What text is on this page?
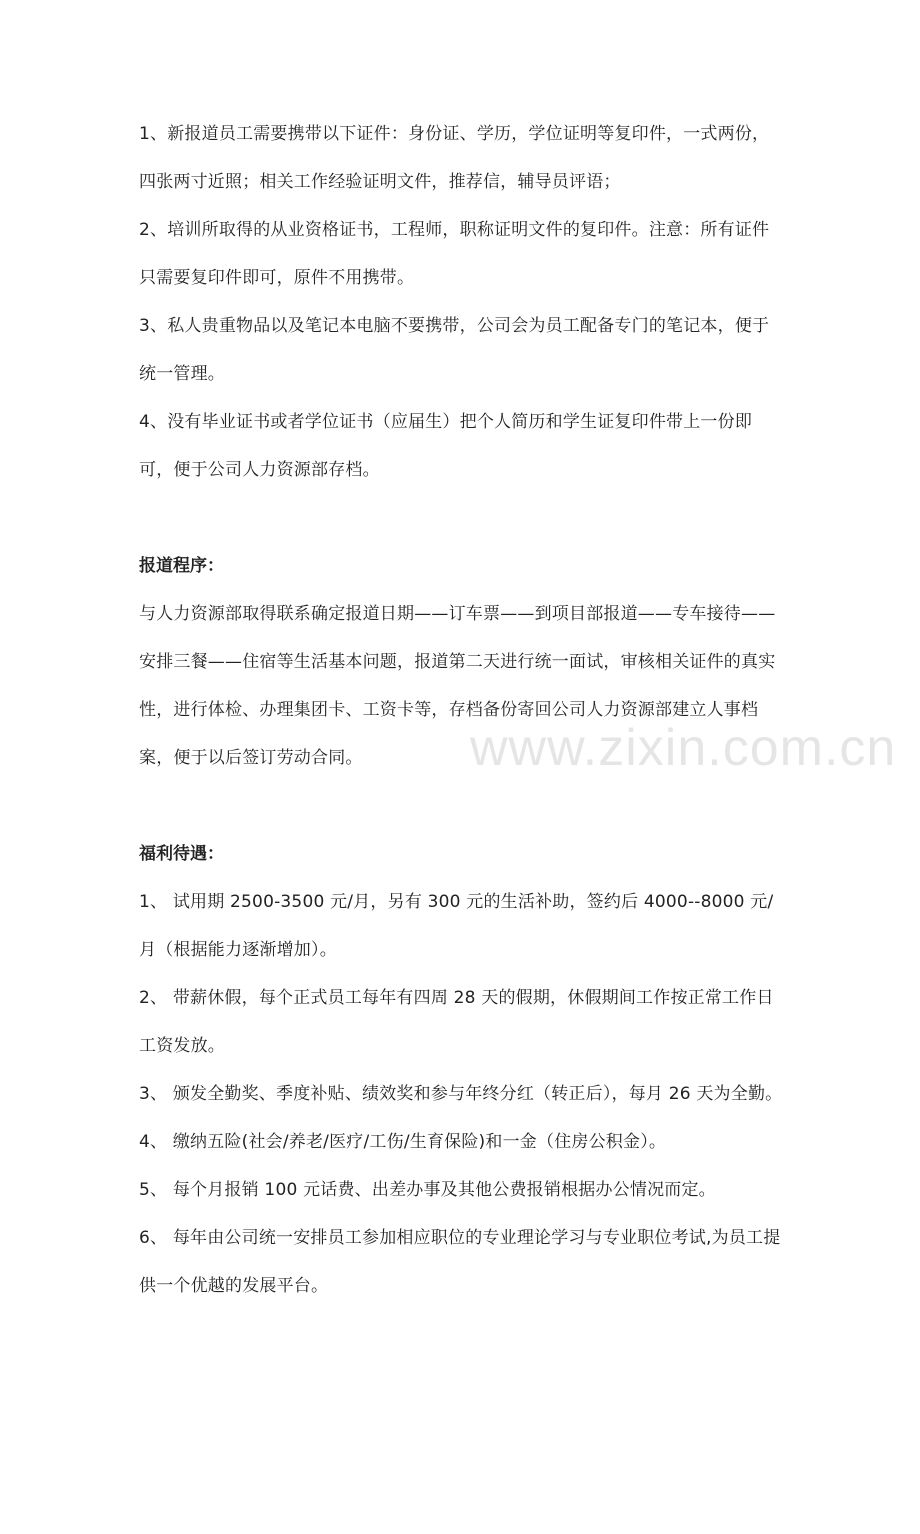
1、新报道员工需要携带以下证件：身份证、学历，学位证明等复印件，一式两份，四张两寸近照；相关工作经验证明文件，推荐信，辅导员评语；

2、培训所取得的从业资格证书，工程师，职称证明文件的复印件。注意：所有证件只需要复印件即可，原件不用携带。

3、私人贵重物品以及笔记本电脑不要携带，公司会为员工配备专门的笔记本，便于统一管理。

4、没有毕业证书或者学位证书（应届生）把个人简历和学生证复印件带上一份即可，便于公司人力资源部存档。

报道程序：

与人力资源部取得联系确定报道日期——订车票——到项目部报道——专车接待——安排三餐——住宿等生活基本问题，报道第二天进行统一面试，审核相关证件的真实性，进行体检、办理集团卡、工资卡等，存档备份寄回公司人力资源部建立人事档案，便于以后签订劳动合同。

福利待遇：

1、 试用期 2500-3500 元/月，另有 300 元的生活补助，签约后 4000--8000 元/月（根据能力逐渐增加）。

2、 带薪休假，每个正式员工每年有四周 28 天的假期，休假期间工作按正常工作日工资发放。

3、 颁发全勤奖、季度补贴、绩效奖和参与年终分红（转正后），每月 26 天为全勤。

4、 缴纳五险(社会/养老/医疗/工伤/生育保险)和一金（住房公积金）。

5、 每个月报销 100 元话费、出差办事及其他公费报销根据办公情况而定。

6、 每年由公司统一安排员工参加相应职位的专业理论学习与专业职位考试,为员工提供一个优越的发展平台。

www.zixin.com.cn
